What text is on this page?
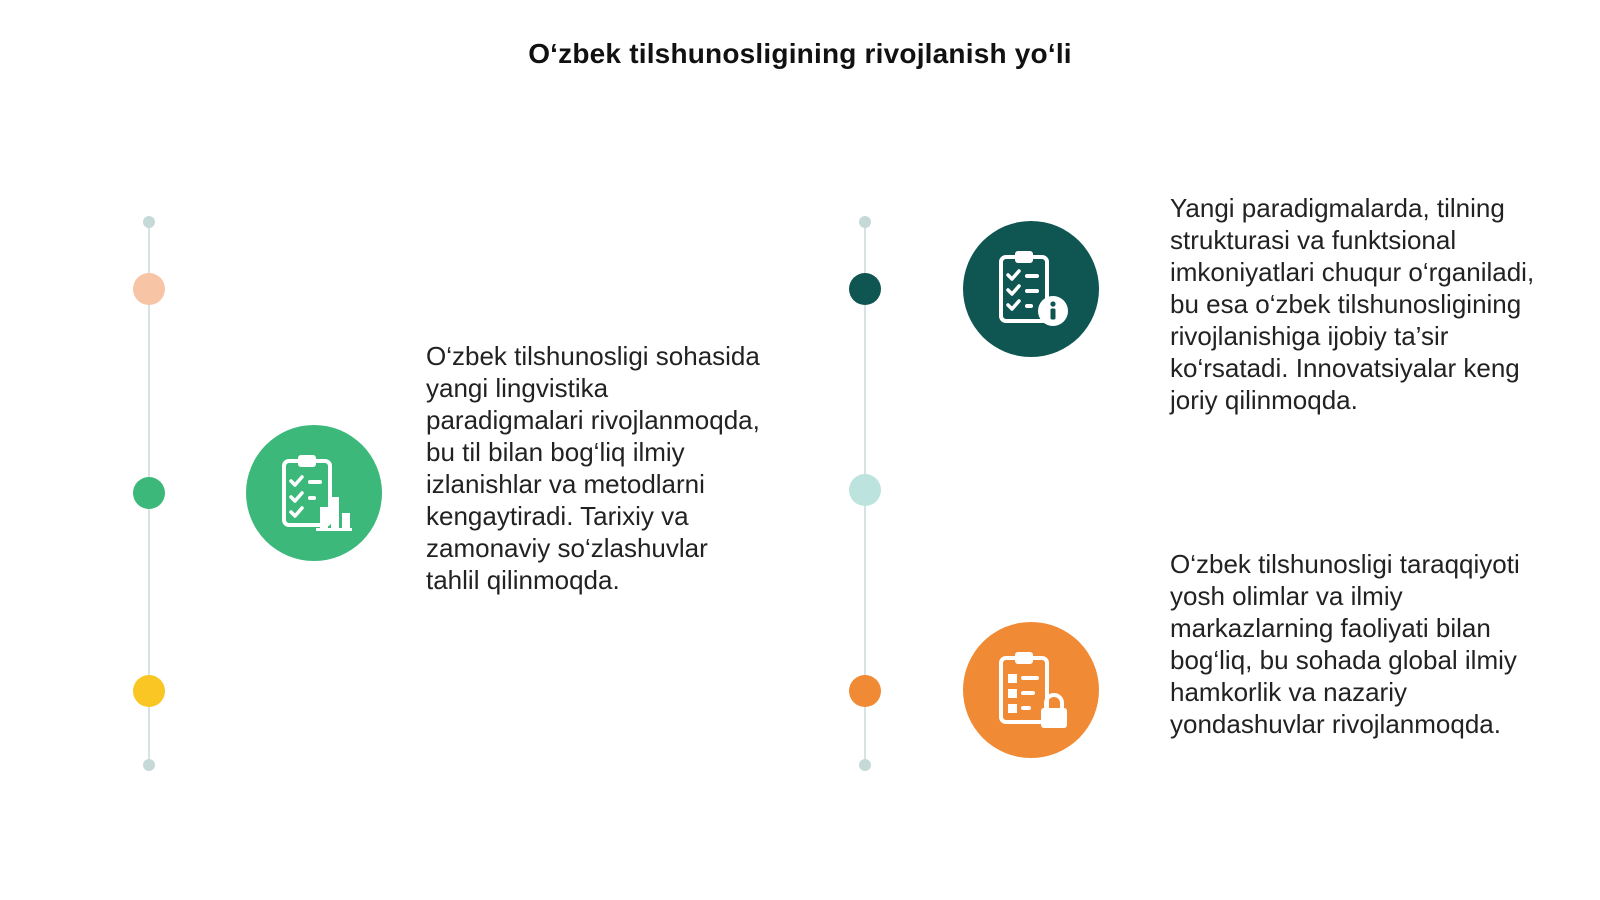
O‘zbek tilshunosligining rivojlanish yo‘li

O‘zbek tilshunosligi sohasida yangi lingvistika paradigmalari rivojlanmoqda, bu til bilan bog‘liq ilmiy izlanishlar va metodlarni kengaytiradi. Tarixiy va zamonaviy so‘zlashuvlar tahlil qilinmoqda.

Yangi paradigmalarda, tilning strukturasi va funktsional imkoniyatlari chuqur o‘rganiladi, bu esa o‘zbek tilshunosligining rivojlanishiga ijobiy ta’sir ko‘rsatadi. Innovatsiyalar keng joriy qilinmoqda.

O‘zbek tilshunosligi taraqqiyoti yosh olimlar va ilmiy markazlarning faoliyati bilan bog‘liq, bu sohada global ilmiy hamkorlik va nazariy yondashuvlar rivojlanmoqda.
